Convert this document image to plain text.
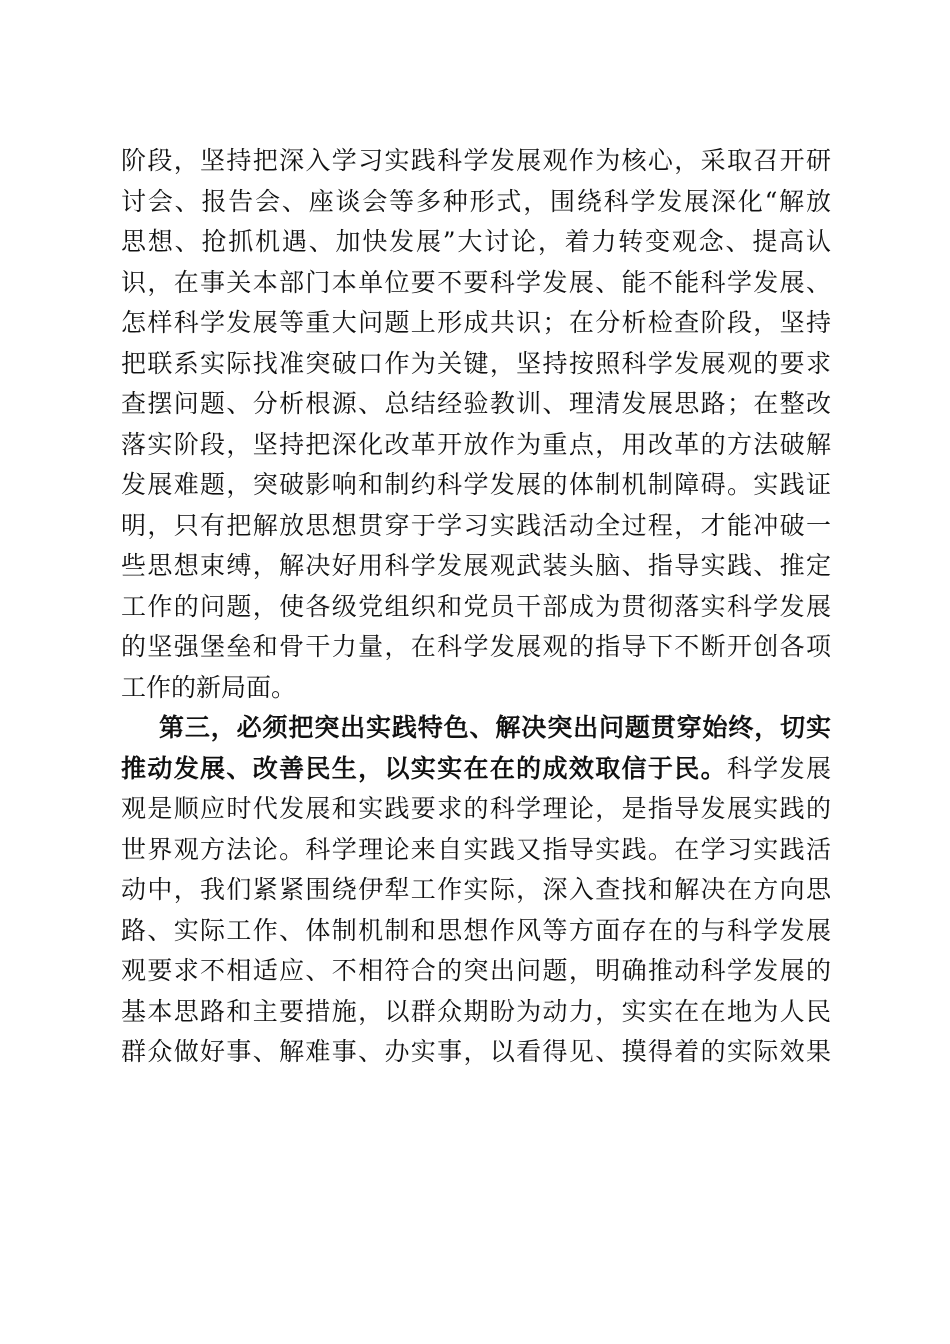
阶段，坚持把深入学习实践科学发展观作为核心，采取召开研
讨会、报告会、座谈会等多种形式，围绕科学发展深化“解放
思想、抢抓机遇、加快发展”大讨论，着力转变观念、提高认
识，在事关本部门本单位要不要科学发展、能不能科学发展、
怎样科学发展等重大问题上形成共识；在分析检查阶段，坚持
把联系实际找准突破口作为关键，坚持按照科学发展观的要求
查摆问题、分析根源、总结经验教训、理清发展思路；在整改
落实阶段，坚持把深化改革开放作为重点，用改革的方法破解
发展难题，突破影响和制约科学发展的体制机制障碍。实践证
明，只有把解放思想贯穿于学习实践活动全过程，才能冲破一
些思想束缚，解决好用科学发展观武装头脑、指导实践、推定
工作的问题，使各级党组织和党员干部成为贯彻落实科学发展
的坚强堡垒和骨干力量，在科学发展观的指导下不断开创各项
工作的新局面。
第三，必须把突出实践特色、解决突出问题贯穿始终，切实
推动发展、改善民生，以实实在在的成效取信于民。科学发展
观是顺应时代发展和实践要求的科学理论，是指导发展实践的
世界观方法论。科学理论来自实践又指导实践。在学习实践活
动中，我们紧紧围绕伊犁工作实际，深入查找和解决在方向思
路、实际工作、体制机制和思想作风等方面存在的与科学发展
观要求不相适应、不相符合的突出问题，明确推动科学发展的
基本思路和主要措施，以群众期盼为动力，实实在在地为人民
群众做好事、解难事、办实事，以看得见、摸得着的实际效果
